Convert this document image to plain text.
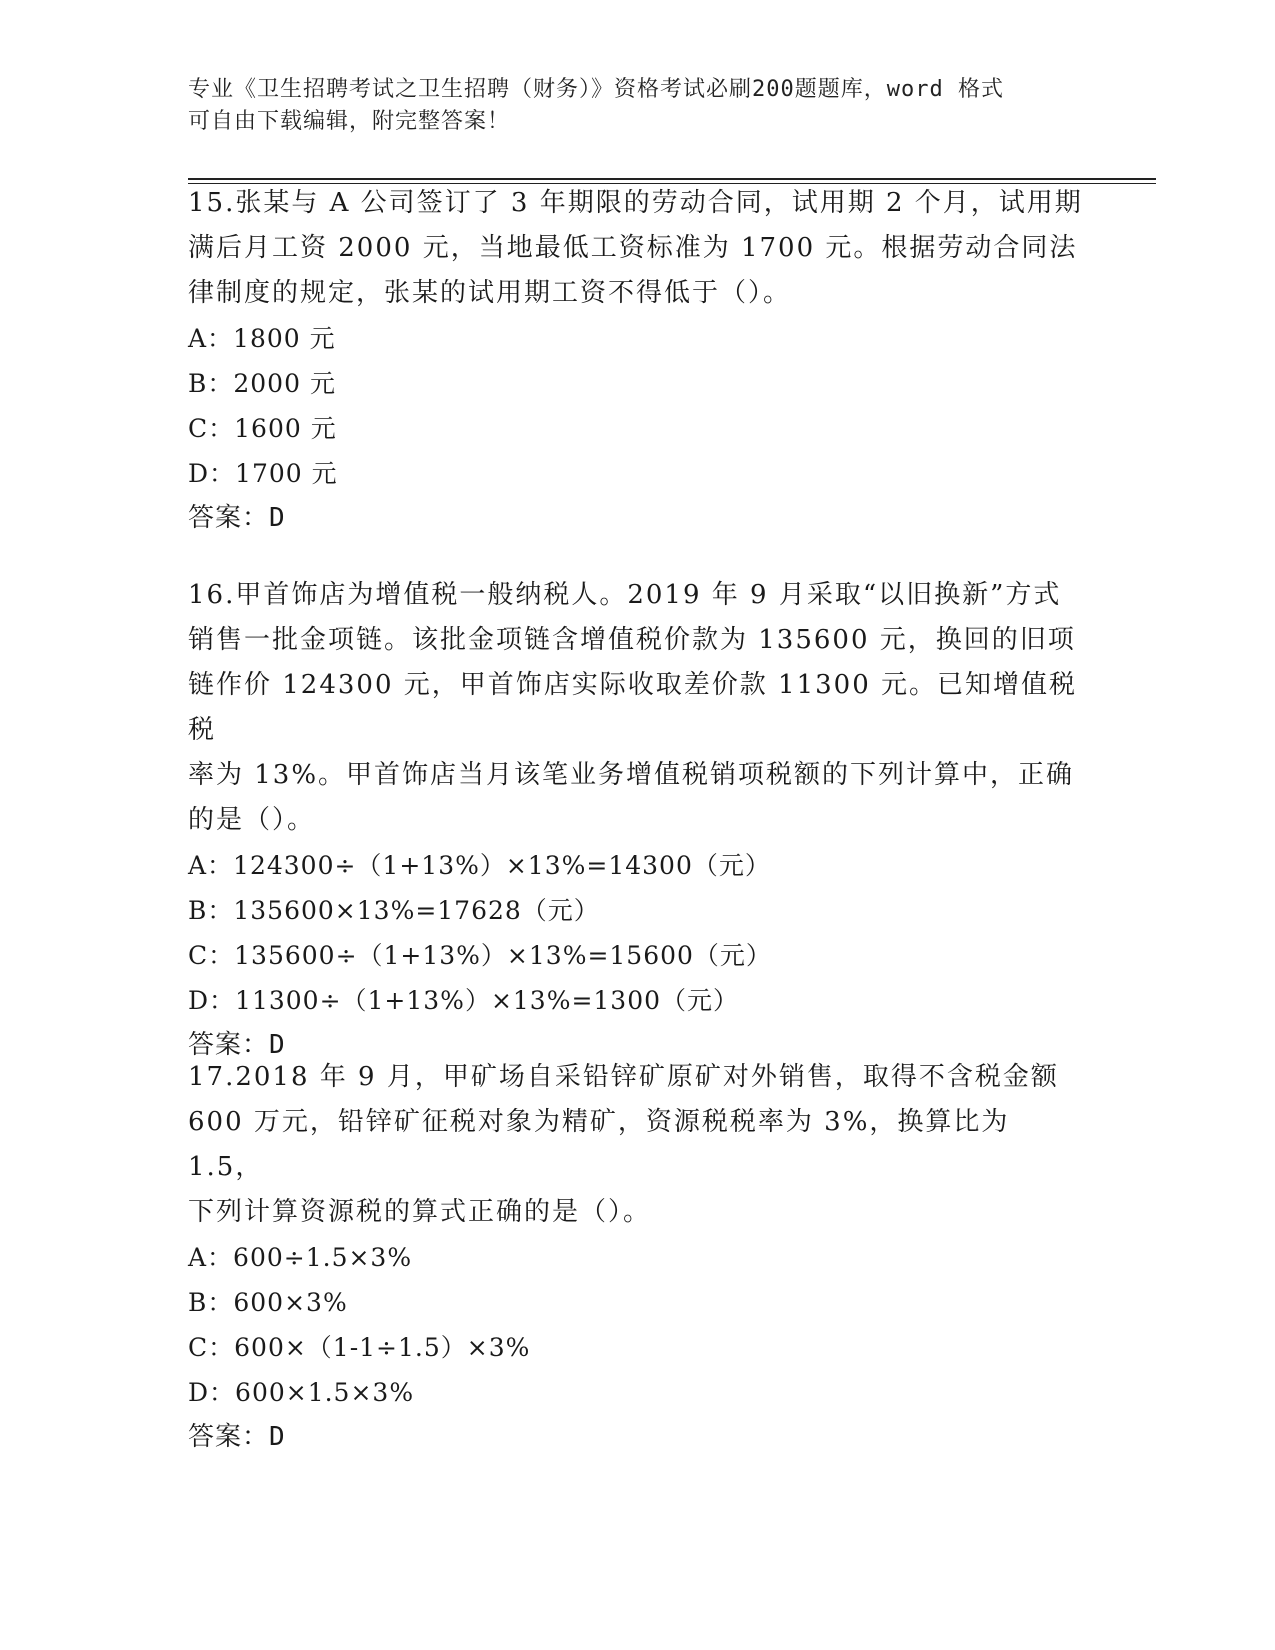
专业《卫生招聘考试之卫生招聘（财务）》资格考试必刷200题题库，word 格式
可自由下载编辑，附完整答案！

15.张某与 A 公司签订了 3 年期限的劳动合同，试用期 2 个月，试用期

满后月工资 2000 元，当地最低工资标准为 1700 元。根据劳动合同法

律制度的规定，张某的试用期工资不得低于（）。

A：1800 元

B：2000 元

C：1600 元

D：1700 元

答案：D

16.甲首饰店为增值税一般纳税人。2019 年 9 月采取“以旧换新”方式

销售一批金项链。该批金项链含增值税价款为 135600 元，换回的旧项

链作价 124300 元，甲首饰店实际收取差价款 11300 元。已知增值税税

率为 13%。甲首饰店当月该笔业务增值税销项税额的下列计算中，正确

的是（）。

A：124300÷（1+13%）×13%=14300（元）

B：135600×13%=17628（元）

C：135600÷（1+13%）×13%=15600（元）

D：11300÷（1+13%）×13%=1300（元）

答案：D

17.2018 年 9 月，甲矿场自采铅锌矿原矿对外销售，取得不含税金额

600 万元，铅锌矿征税对象为精矿，资源税税率为 3%，换算比为 1.5，

下列计算资源税的算式正确的是（）。

A：600÷1.5×3%

B：600×3%

C：600×（1-1÷1.5）×3%

D：600×1.5×3%

答案：D
